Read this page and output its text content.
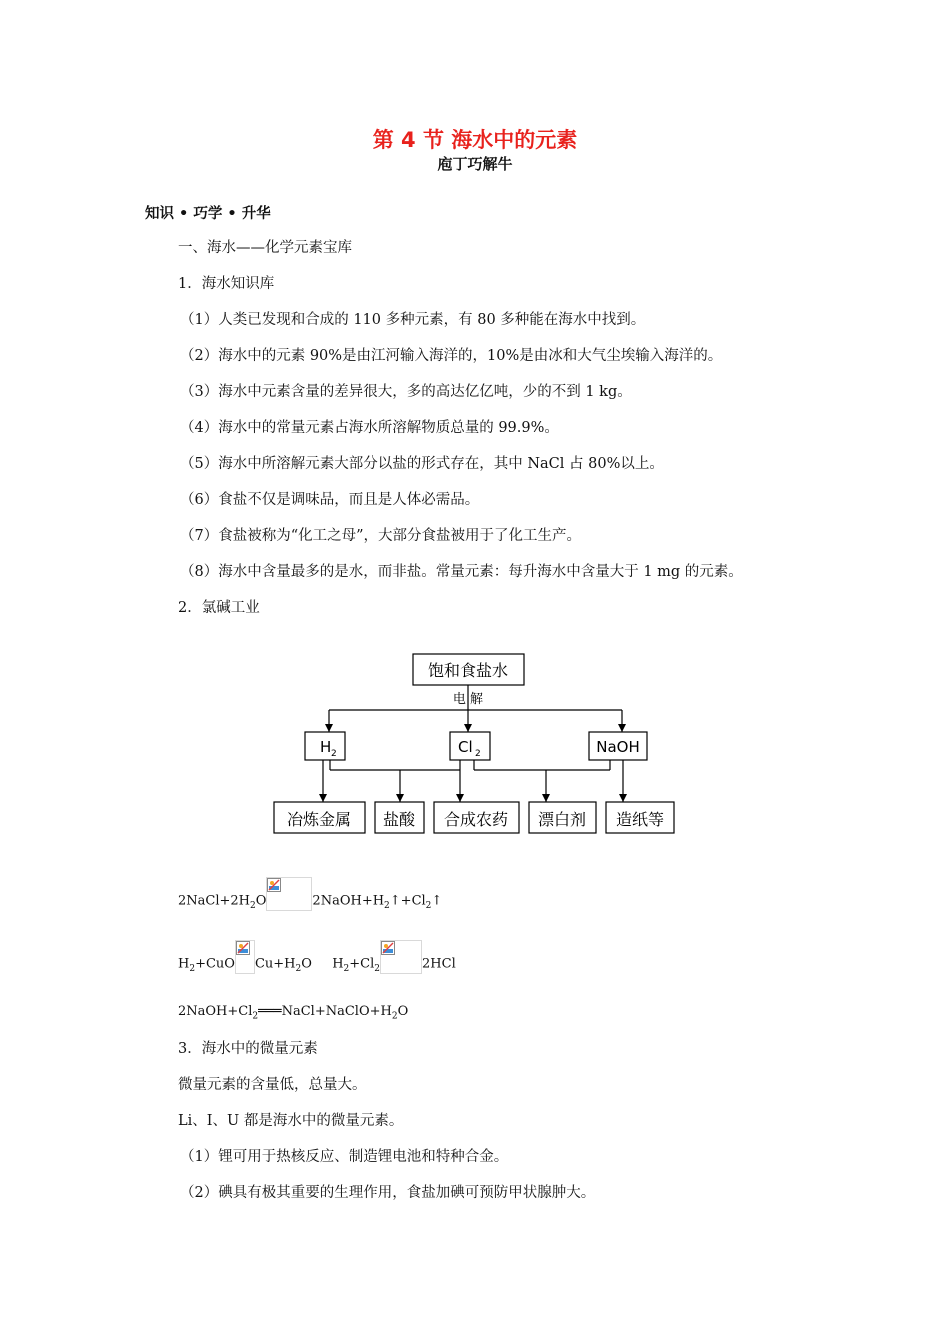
第 4 节 海水中的元素
庖丁巧解牛
知识 • 巧学 • 升华
一、海水——化学元素宝库
1．海水知识库
（1）人类已发现和合成的 110 多种元素，有 80 多种能在海水中找到。
（2）海水中的元素 90%是由江河输入海洋的，10%是由冰和大气尘埃输入海洋的。
（3）海水中元素含量的差异很大，多的高达亿亿吨，少的不到 1 kg。
（4）海水中的常量元素占海水所溶解物质总量的 99.9%。
（5）海水中所溶解元素大部分以盐的形式存在，其中 NaCl 占 80%以上。
（6）食盐不仅是调味品，而且是人体必需品。
（7）食盐被称为“化工之母”，大部分食盐被用于了化工生产。
（8）海水中含量最多的是水，而非盐。常量元素：每升海水中含量大于 1 mg 的元素。
2．氯碱工业
饱和食盐水
电 解
H 2	Cl 2	NaOH
冶炼金属 盐酸 合成农药 漂白剂 造纸等
$2NaCl+2H_2O$	$2NaOH+H_2↑+Cl_2↑$
$H_2+CuO$ $Cu+H_2O$ $H_2+Cl_2$	2HCl
$2NaOH+Cl_2═══NaCl+NaClO+H_2O$
3．海水中的微量元素
微量元素的含量低，总量大。
Li、I、U 都是海水中的微量元素。
（1）锂可用于热核反应、制造锂电池和特种合金。
（2）碘具有极其重要的生理作用，食盐加碘可预防甲状腺肿大。
